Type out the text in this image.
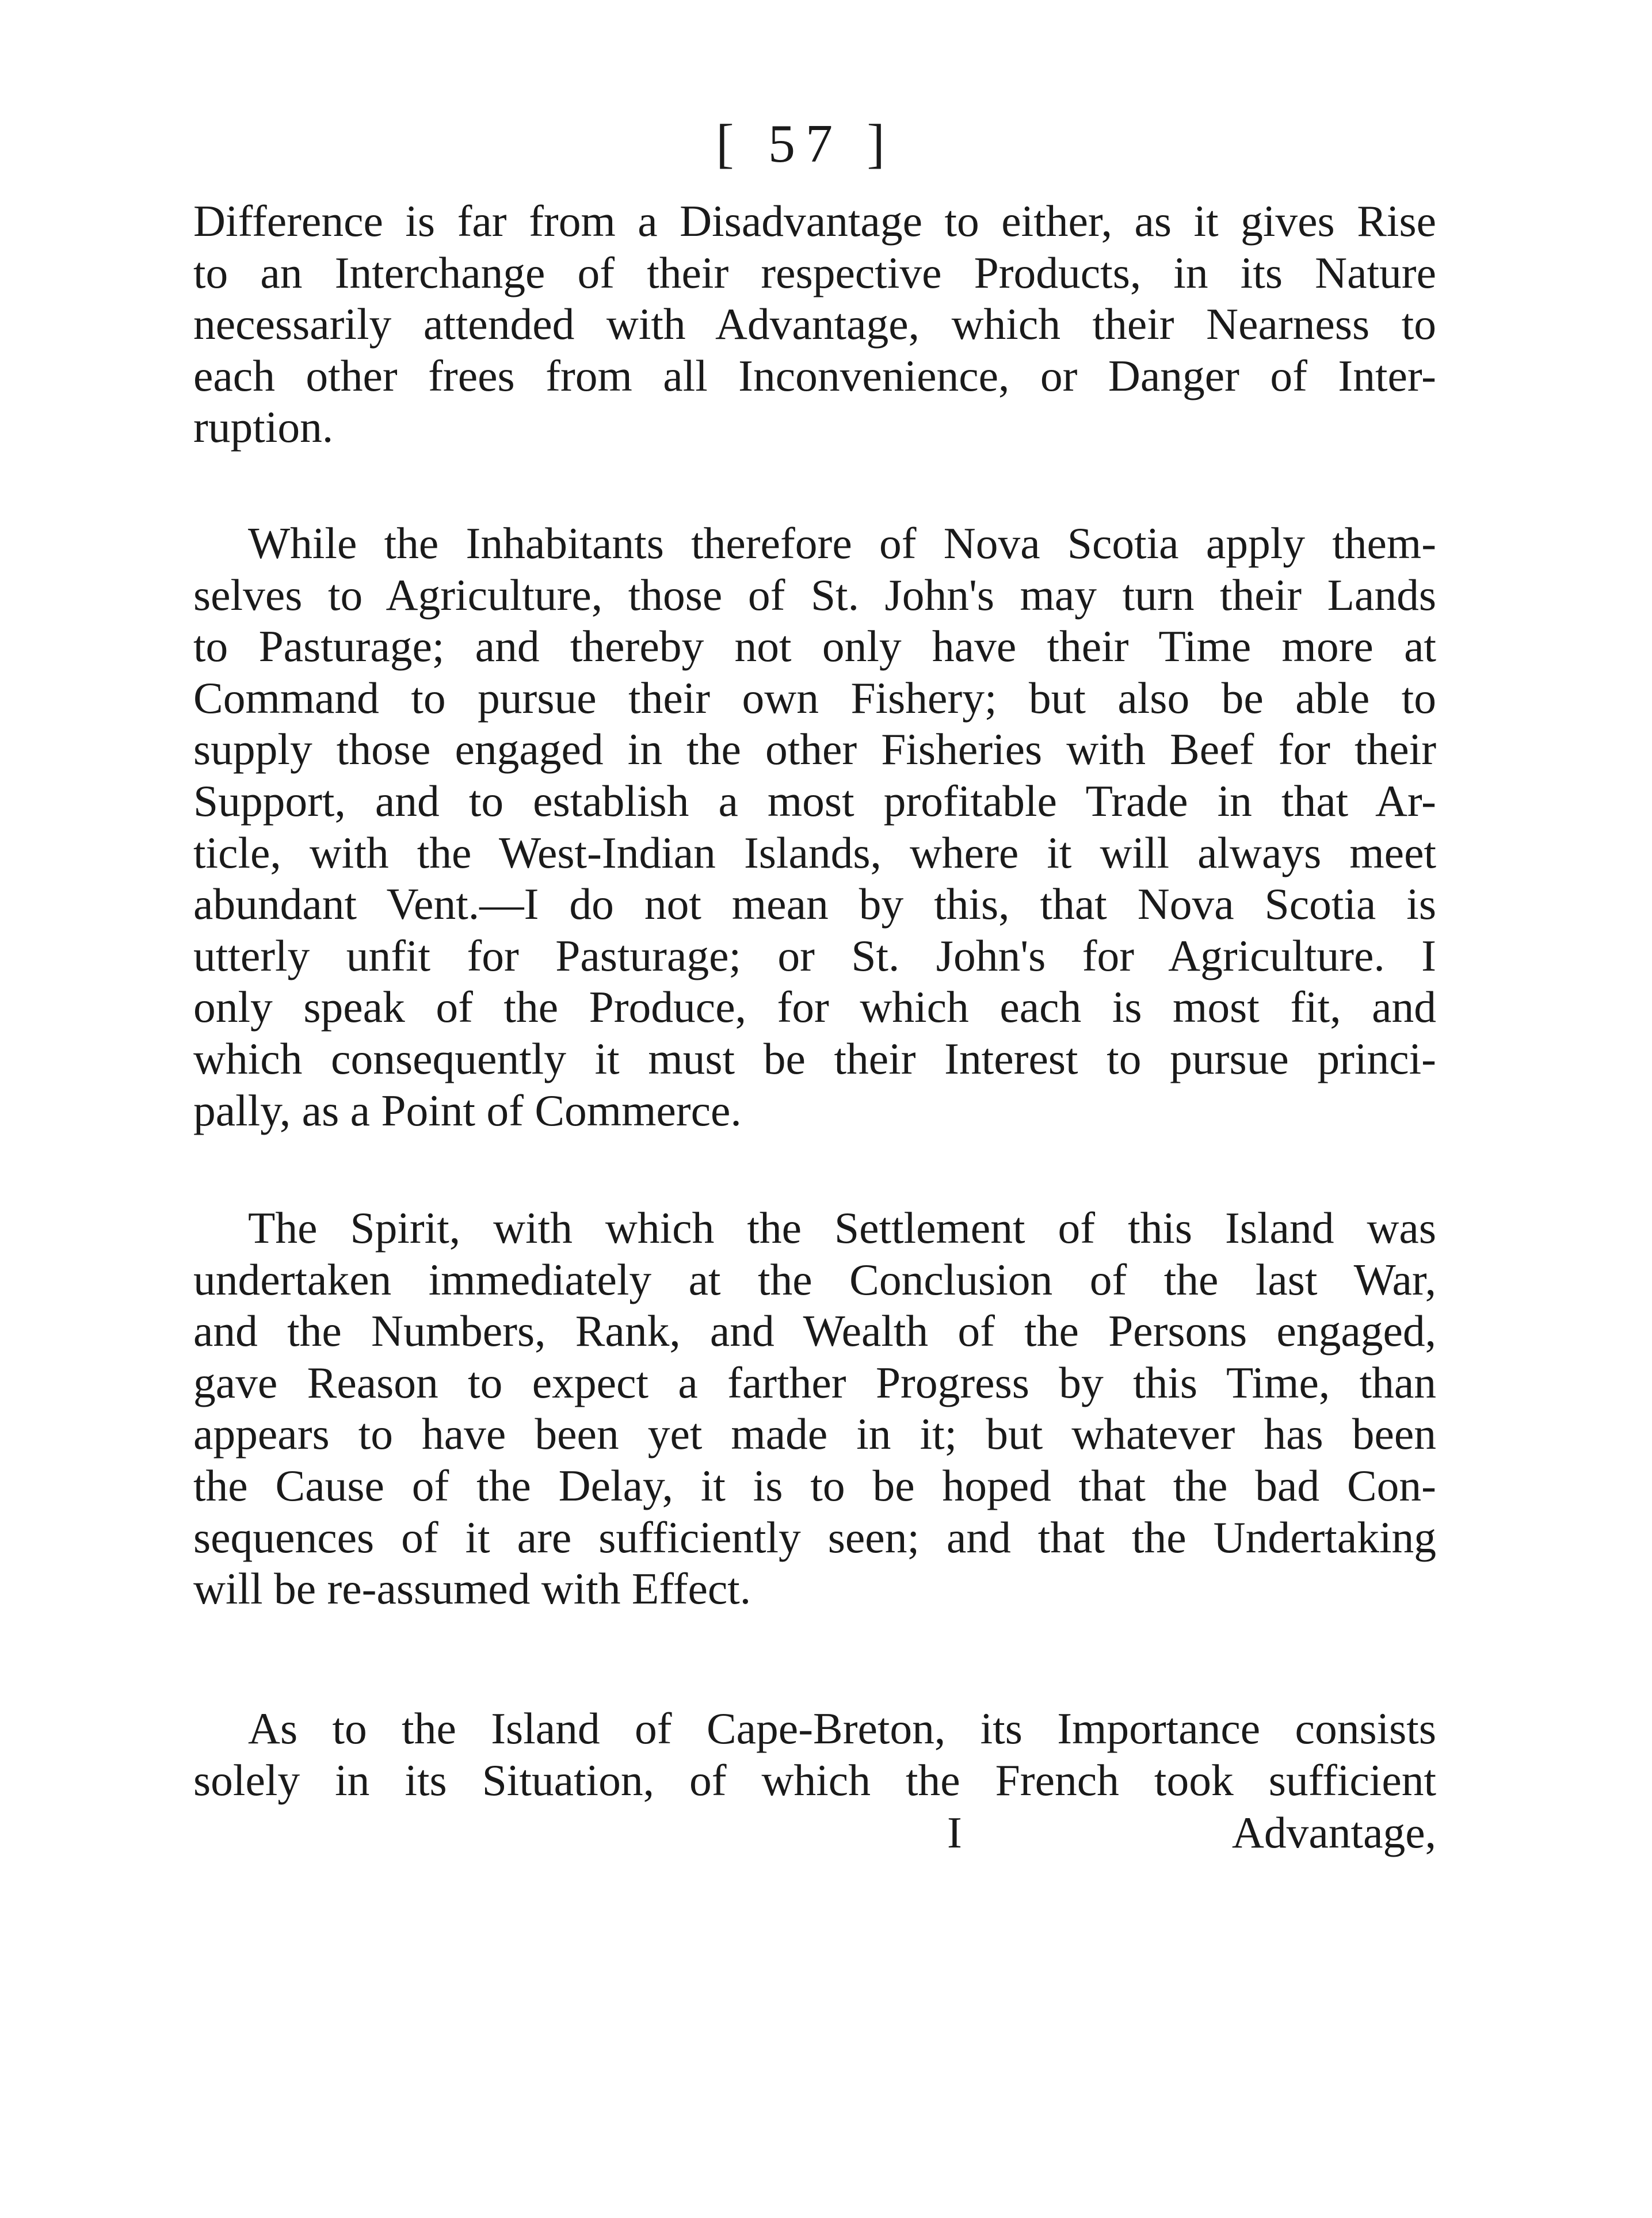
[ 57 ]
Difference is far from a Disadvantage to either, as it gives Rise
to an Interchange of their respective Products, in its Nature
necessarily attended with Advantage, which their Nearness to
each other frees from all Inconvenience, or Danger of Inter-
ruption.
While the Inhabitants therefore of Nova Scotia apply them-
selves to Agriculture, those of St. John's may turn their Lands
to Pasturage; and thereby not only have their Time more at
Command to pursue their own Fishery; but also be able to
supply those engaged in the other Fisheries with Beef for their
Support, and to establish a most profitable Trade in that Ar-
ticle, with the West-Indian Islands, where it will always meet
abundant Vent.—I do not mean by this, that Nova Scotia is
utterly unfit for Pasturage; or St. John's for Agriculture. I
only speak of the Produce, for which each is most fit, and
which consequently it must be their Interest to pursue princi-
pally, as a Point of Commerce.
The Spirit, with which the Settlement of this Island was
undertaken immediately at the Conclusion of the last War,
and the Numbers, Rank, and Wealth of the Persons engaged,
gave Reason to expect a farther Progress by this Time, than
appears to have been yet made in it; but whatever has been
the Cause of the Delay, it is to be hoped that the bad Con-
sequences of it are sufficiently seen; and that the Undertaking
will be re-assumed with Effect.
As to the Island of Cape-Breton, its Importance consists
solely in its Situation, of which the French took sufficient
I	Advantage,
